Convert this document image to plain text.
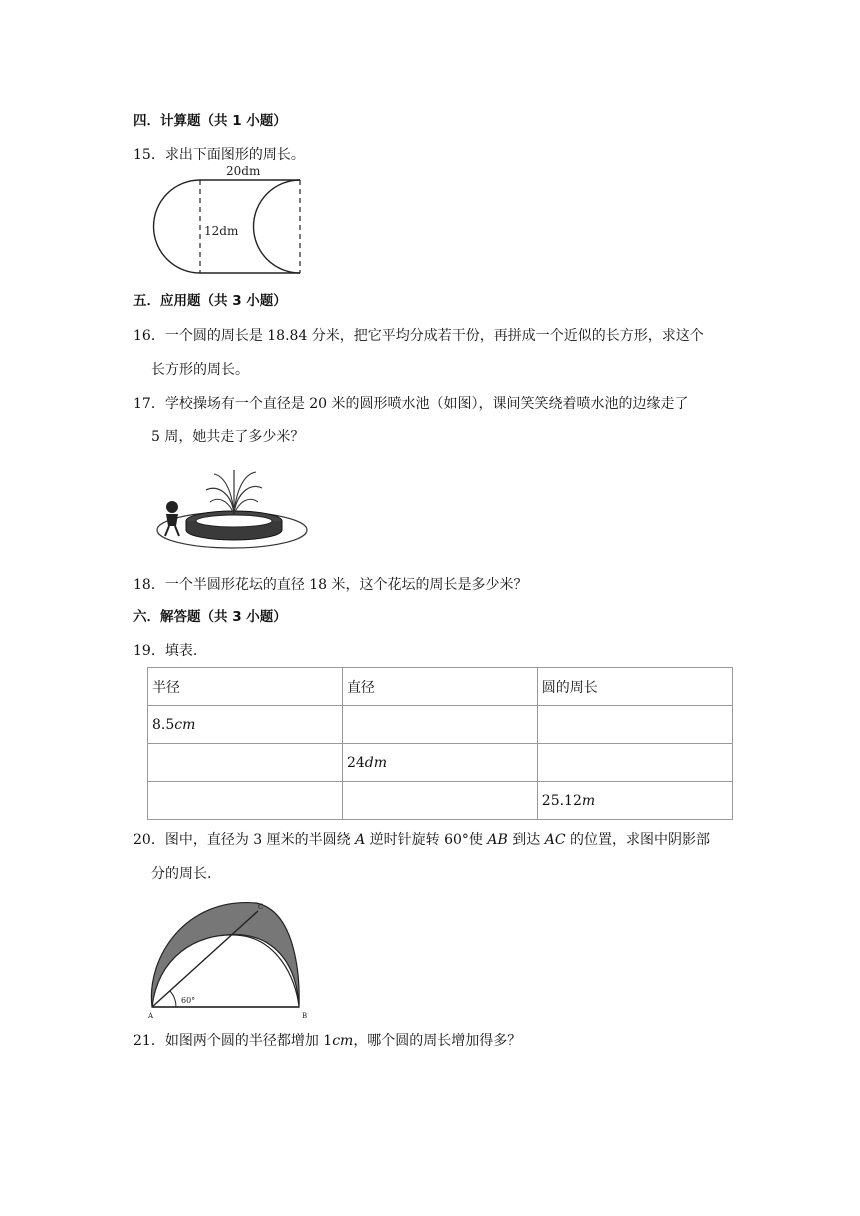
四．计算题（共 1 小题）
15．求出下面图形的周长。
20dm
12dm
五．应用题（共 3 小题）
16．一个圆的周长是 18.84 分米，把它平均分成若干份，再拼成一个近似的长方形，求这个
长方形的周长。
17．学校操场有一个直径是 20 米的圆形喷水池（如图），课间笑笑绕着喷水池的边缘走了
5 周，她共走了多少米？
18．一个半圆形花坛的直径 18 米，这个花坛的周长是多少米？
六．解答题（共 3 小题）
19．填表.
半径	直径	圆的周长
8.5cm		
	24dm	
		25.12m
20．图中，直径为 3 厘米的半圆绕 A 逆时针旋转 60°使 AB 到达 AC 的位置，求图中阴影部
分的周长.
60°
A	B
C
21．如图两个圆的半径都增加 1cm，哪个圆的周长增加得多？
